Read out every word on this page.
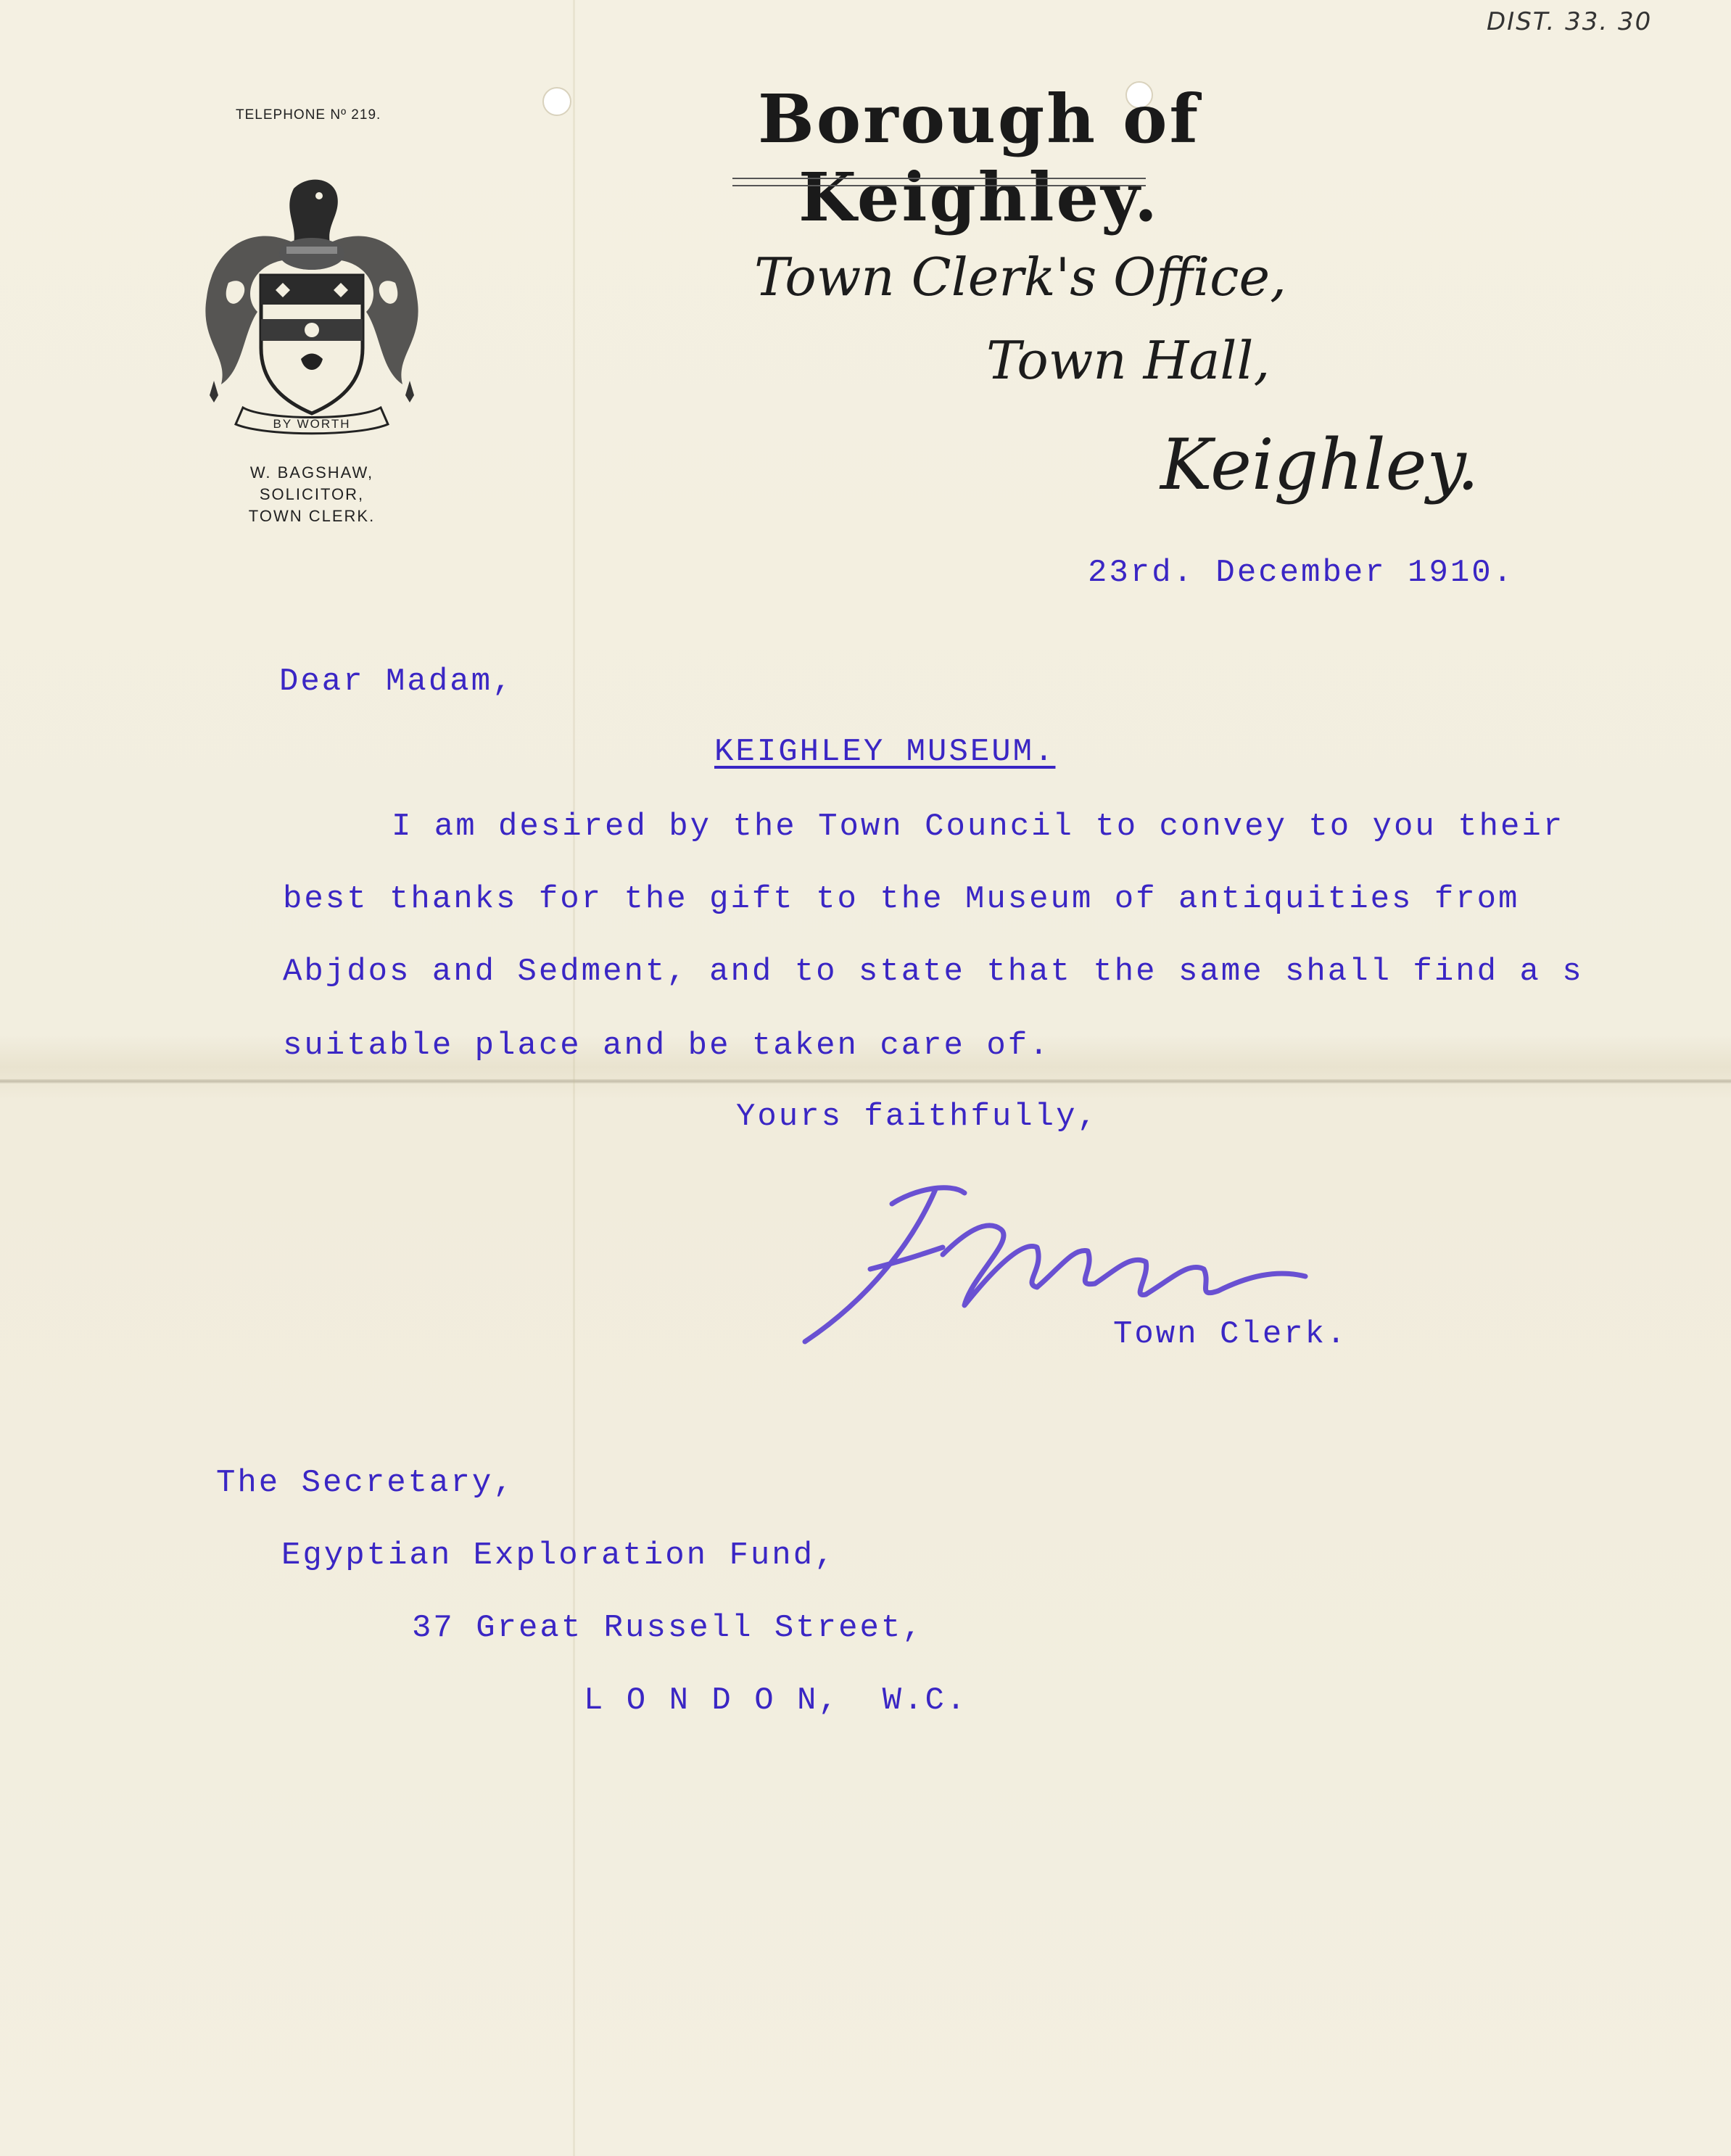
DIST. 33. 30
TELEPHONE Nº 219.
BY WORTH
W. BAGSHAW,
SOLICITOR,
TOWN CLERK.
Borough of Keighley.
Town Clerk's Office,
Town Hall,
Keighley.
23rd. December 1910.
Dear Madam,
KEIGHLEY MUSEUM.
I am desired by the Town Council to convey to you their
best thanks for the gift to the Museum of antiquities from
Abjdos and Sedment, and to state that the same shall find a s
suitable place and be taken care of.
Yours faithfully,
Town Clerk.
The Secretary,
Egyptian Exploration Fund,
37 Great Russell Street,
L O N D O N,  W.C.
